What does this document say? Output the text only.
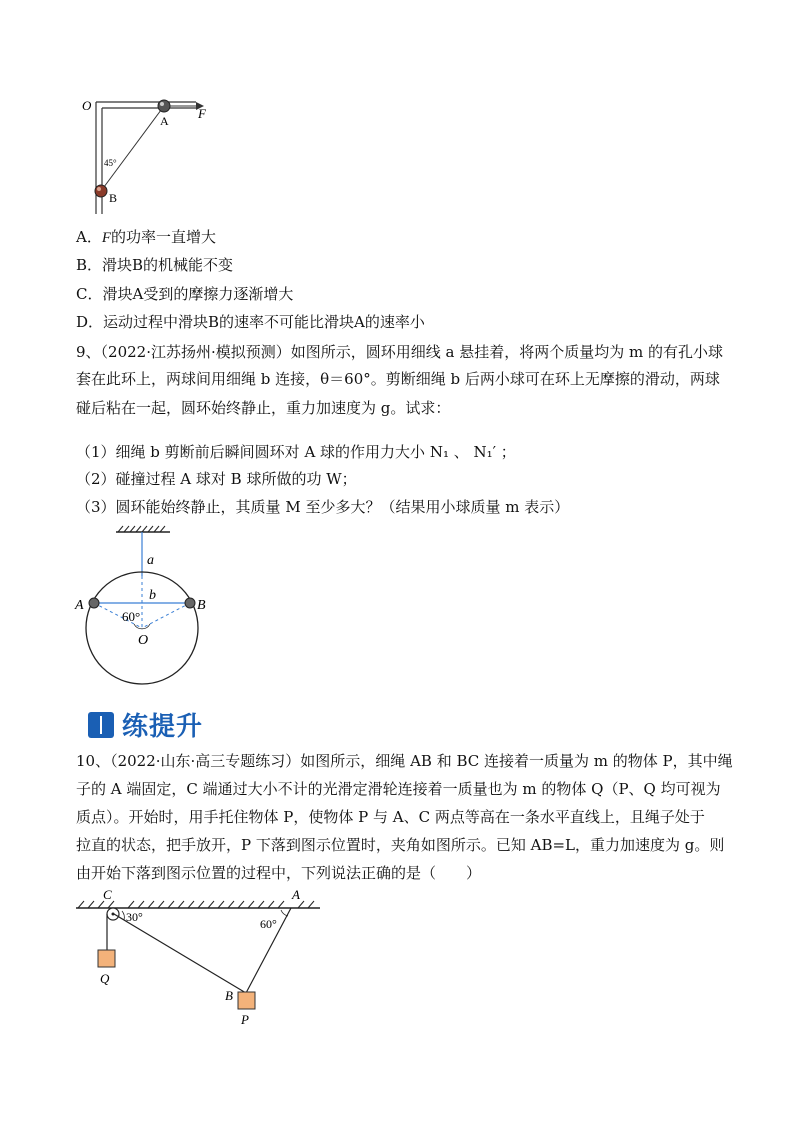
O
A F
45°
B
A．F的功率一直增大
B．滑块B的机械能不变
C．滑块A受到的摩擦力逐渐增大
D．运动过程中滑块B的速率不可能比滑块A的速率小
9、（2022·江苏扬州·模拟预测）如图所示，圆环用细线 a 悬挂着，将两个质量均为 m 的有孔小球
套在此环上，两球间用细绳 b 连接，θ＝60°。剪断细绳 b 后两小球可在环上无摩擦的滑动，两球
碰后粘在一起，圆环始终静止，重力加速度为 g。试求：
（1）细绳 b 剪断前后瞬间圆环对 A 球的作用力大小 N₁ 、 N₁′ ；
（2）碰撞过程 A 球对 B 球所做的功 W；
（3）圆环能始终静止，其质量 M 至少多大？（结果用小球质量 m 表示）
a
A	B
b
60°
O
练提升
10、（2022·山东·高三专题练习）如图所示，细绳 AB 和 BC 连接着一质量为 m 的物体 P，其中绳
子的 A 端固定，C 端通过大小不计的光滑定滑轮连接着一质量也为 m 的物体 Q（P、Q 均可视为
质点）。开始时，用手托住物体 P，使物体 P 与 A、C 两点等高在一条水平直线上，且绳子处于
拉直的状态，把手放开，P 下落到图示位置时，夹角如图所示。已知 AB=L，重力加速度为 g。则
由开始下落到图示位置的过程中，下列说法正确的是（　　）
C	A
30°	60°
Q
B
P
